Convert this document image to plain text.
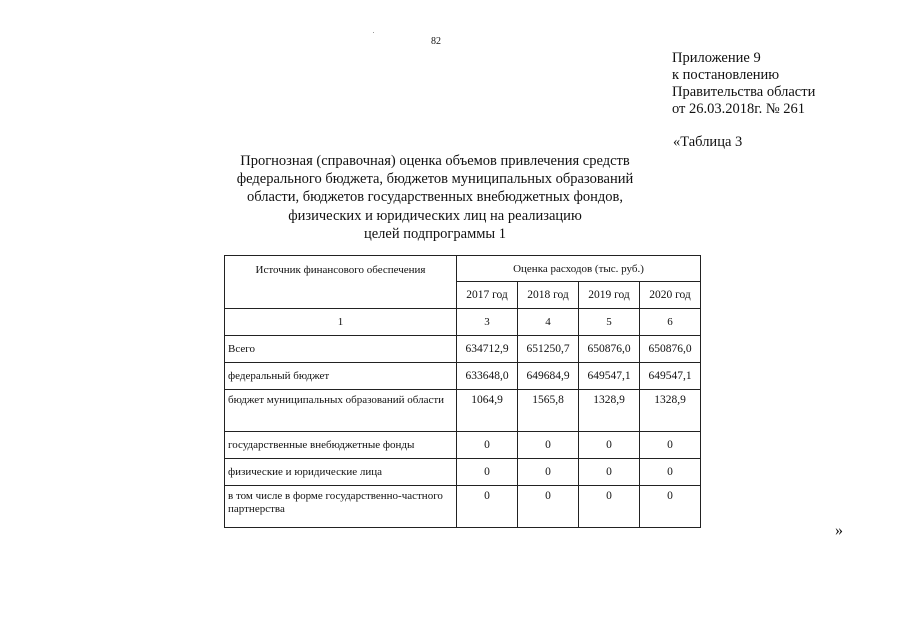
82
Приложение 9
к постановлению
Правительства области
от 26.03.2018г. № 261
«Таблица 3
Прогнозная (справочная) оценка объемов привлечения средств
федерального бюджета, бюджетов муниципальных образований
области, бюджетов государственных внебюджетных фондов,
физических и юридических лиц на реализацию
целей подпрограммы 1
Источник финансового обеспечения	Оценка расходов (тыс. руб.)			
	2017 год	2018 год	2019 год	2020 год
1	3	4	5	6
Всего	634712,9	651250,7	650876,0	650876,0
федеральный бюджет	633648,0	649684,9	649547,1	649547,1
бюджет муниципальных образований области	1064,9	1565,8	1328,9	1328,9
государственные внебюджетные фонды	0	0	0	0
физические и юридические лица	0	0	0	0
в том числе в форме государственно-частного партнерства	0	0	0	0
»
